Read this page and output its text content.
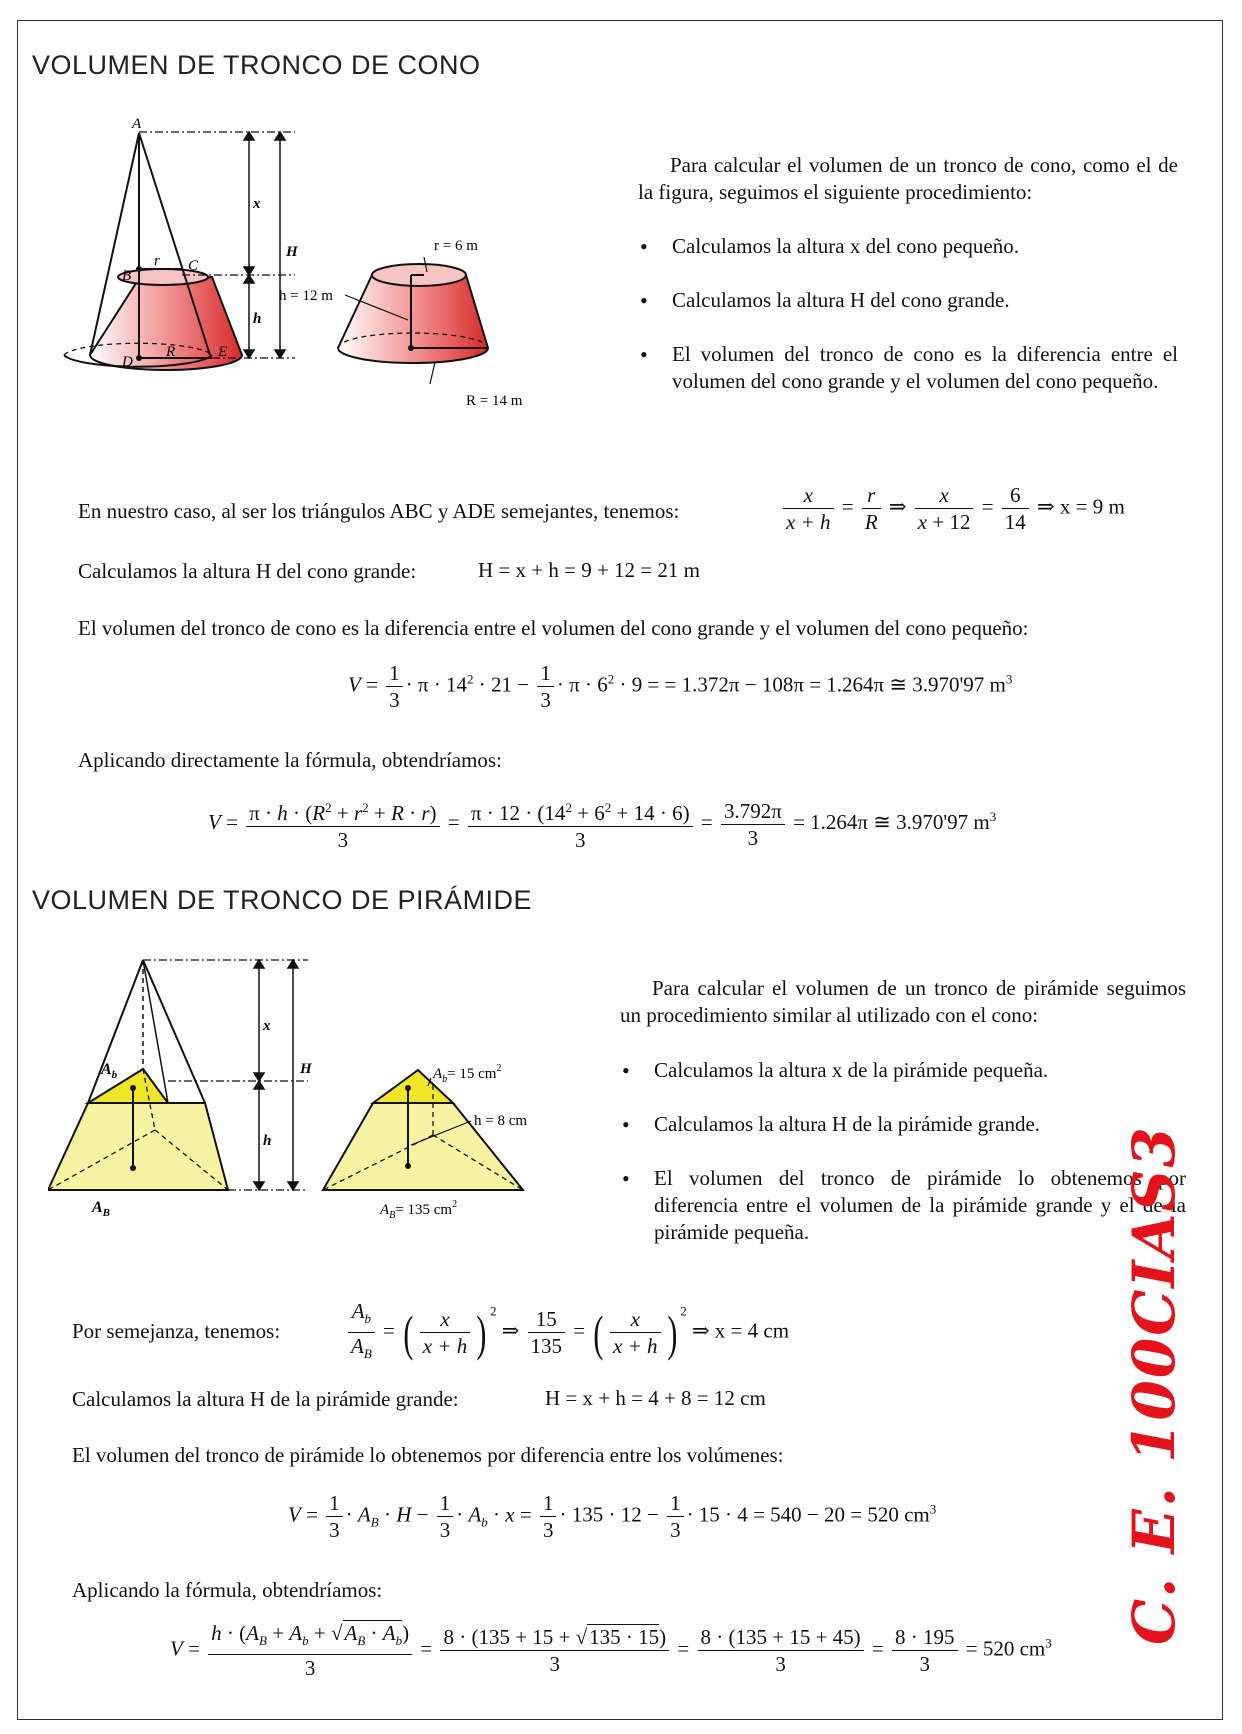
VOLUMEN DE TRONCO DE CONO
A
B
C
D
E
r
R
x
h
H	r = 6 m
h = 12 m
R = 14 m
Para calcular el volumen de un tronco de cono, como el de la figura, seguimos el siguiente procedimiento:
• Calculamos la altura x del cono pequeño.
• Calculamos la altura H del cono grande.
• El volumen del tronco de cono es la diferencia entre el volumen del cono grande y el volumen del cono pequeño.
En nuestro caso, al ser los triángulos ABC y ADE semejantes, tenemos:	$\frac{x}{x + h} = \frac{r}{R}$ ⇒ $\frac{x}{x + 12} = \frac{6}{14}$ ⇒ x = 9 m
Calculamos la altura H del cono grande:	H = x + h = 9 + 12 = 21 m
El volumen del tronco de cono es la diferencia entre el volumen del cono grande y el volumen del cono pequeño:
$V = \frac{1}{3} \cdot \pi \cdot 14^2 \cdot 21 - \frac{1}{3} \cdot \pi \cdot 6^2 \cdot 9$ = = 1.372π − 108π = 1.264π ≅ 3.970'97 $m^3$
Aplicando directamente la fórmula, obtendríamos:
$V = \frac{\pi \cdot h \cdot (R^2 + r^2 + R \cdot r)}{3} = \frac{\pi \cdot 12 \cdot (14^2 + 6^2 + 14 \cdot 6)}{3} = \frac{3.792\pi}{3} = 1.264\pi$ ≅ 3.970'97 $m^3$
VOLUMEN DE TRONCO DE PIRÁMIDE
$A_b$
$A_B$
x
h
H	$A_b= 15$ $cm^2$
h = 8 cm
$A_B= 135$ $cm^2$
Para calcular el volumen de un tronco de pirámide seguimos un procedimiento similar al utilizado con el cono:
• Calculamos la altura x de la pirámide pequeña.
• Calculamos la altura H de la pirámide grande.
• El volumen del tronco de pirámide lo obtenemos por diferencia entre el volumen de la pirámide grande y el de la pirámide pequeña.
Por semejanza, tenemos:	$\frac{A_b}{A_B}$ = ( $\frac{x}{x + h}$ ) $^2$ ⇒ $\frac{15}{135}$ = ( $\frac{x}{x + h}$ ) $^2$ ⇒ x = 4 cm
Calculamos la altura H de la pirámide grande:	H = x + h = 4 + 8 = 12 cm
El volumen del tronco de pirámide lo obtenemos por diferencia entre los volúmenes:
$V = \frac{1}{3} \cdot A_B \cdot H - \frac{1}{3} \cdot A_b \cdot x = \frac{1}{3} \cdot 135 \cdot 12 - \frac{1}{3} \cdot 15 \cdot 4 = 540 - 20 = 520$ $cm^3$
Aplicando la fórmula, obtendríamos:
$V = \frac{h \cdot (A_B + A_b + √A_B \cdot A_b)}{3} = \frac{8 \cdot (135 + 15 + √135 \cdot 15)}{3} = \frac{8 \cdot (135 + 15 + 45)}{3} = \frac{8 \cdot 195}{3} = 520$ $cm^3$ C. E. 100CIAS3
